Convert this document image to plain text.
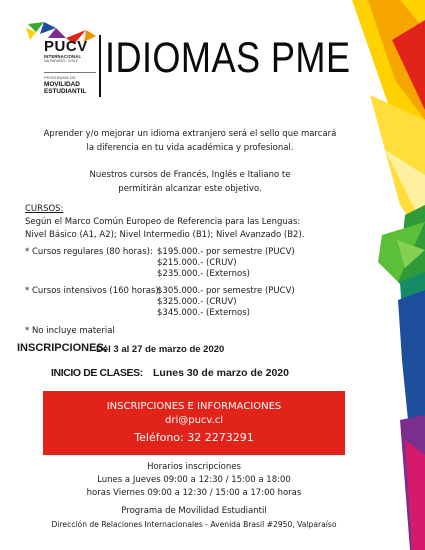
PUCV
INTERNACIONAL
VALPARAÍSO · CHILE
PROGRAMA DE
MOVILIDAD
ESTUDIANTIL
IDIOMAS PME
Aprender y/o mejorar un idioma extranjero será el sello que marcará
la diferencia en tu vida académica y profesional.
Nuestros cursos de Francés, Inglés e Italiano te
permitirán alcanzar este objetivo.
CURSOS:
Según el Marco Común Europeo de Referencia para las Lenguas:
Nivel Básico (A1, A2); Nivel Intermedio (B1); Nivel Avanzado (B2).
* Cursos regulares (80 horas): $195.000.- por semestre (PUCV)
$215.000.- (CRUV)
$235.000.- (Externos)
* Cursos intensivos (160 horas):
$305.000.- por semestre (PUCV)
$325.000.- (CRUV)
$345.000.- (Externos)
* No incluye material
INSCRIPCIONES:
Del 3 al 27 de marzo de 2020
INICIO DE CLASES: Lunes 30 de marzo de 2020
INSCRIPCIONES E INFORMACIONES
dri@pucv.cl
Teléfono: 32 2273291
Horarios inscripciones
Lunes a Jueves 09:00 a 12:30 / 15:00 a 18:00
horas Viernes 09:00 a 12:30 / 15:00 a 17:00 horas
Programa de Movilidad Estudiantil
Dirección de Relaciones Internacionales - Avenida Brasil #2950, Valparaíso
